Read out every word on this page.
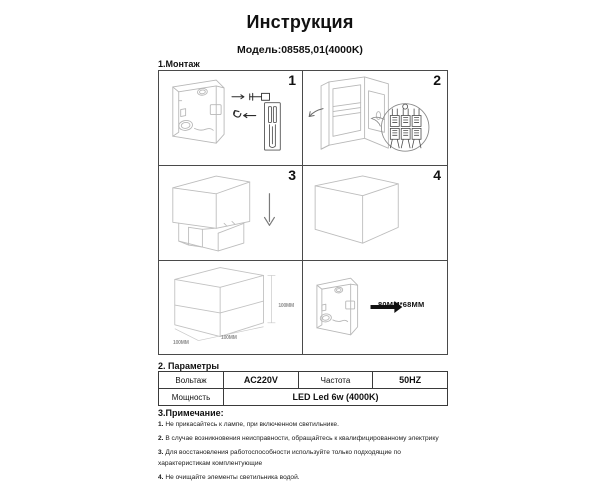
Инструкция
Модель:08585,01(4000K)
1.Монтаж
1	2
3	4
100MM
100MM
100MM
80MM*68MM
2. Параметры
Вольтаж	AC220V	Частота	50HZ
Мощность	LED Led 6w (4000K)		
3.Примечание:
1. Не прикасайтесь к лампе, при включенном светильнике.
2. В случае возникновения неисправности, обращайтесь к квалифицированному электрику
3. Для восстановления работоспособности используйте только подходящие по характеристикам комплентующие
4. Не очищайте элементы светильника водой.
